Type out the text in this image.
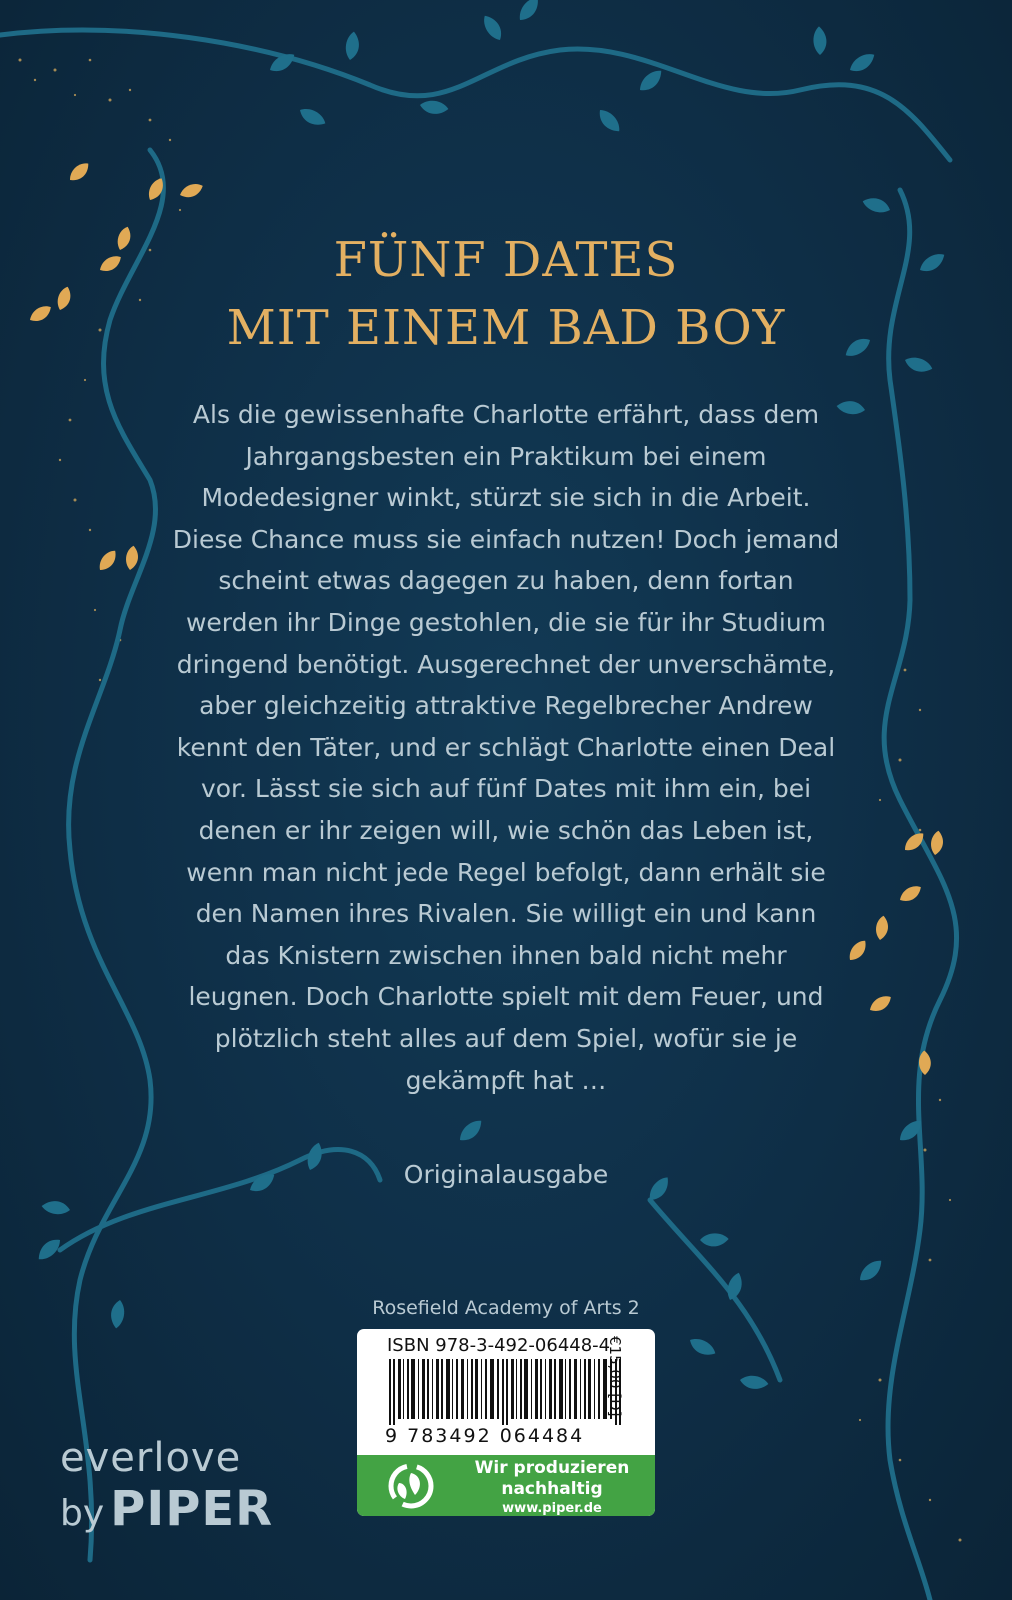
FÜNF DATES
MIT EINEM BAD BOY

Als die gewissenhafte Charlotte erfährt, dass dem Jahrgangsbesten ein Praktikum bei einem Modedesigner winkt, stürzt sie sich in die Arbeit. Diese Chance muss sie einfach nutzen! Doch jemand scheint etwas dagegen zu haben, denn fortan werden ihr Dinge gestohlen, die sie für ihr Studium dringend benötigt. Ausgerechnet der unverschämte, aber gleichzeitig attraktive Regelbrecher Andrew kennt den Täter, und er schlägt Charlotte einen Deal vor. Lässt sie sich auf fünf Dates mit ihm ein, bei denen er ihr zeigen will, wie schön das Leben ist, wenn man nicht jede Regel befolgt, dann erhält sie den Namen ihres Rivalen. Sie willigt ein und kann das Knistern zwischen ihnen bald nicht mehr leugnen. Doch Charlotte spielt mit dem Feuer, und plötzlich steht alles auf dem Spiel, wofür sie je gekämpft hat …

Originalausgabe
Rosefield Academy of Arts 2
ISBN 978-3-492-06448-4
9 783492 064484
Wir produzieren
nachhaltig
www.piper.de
€15,00 [D]
everlove
by PIPER
